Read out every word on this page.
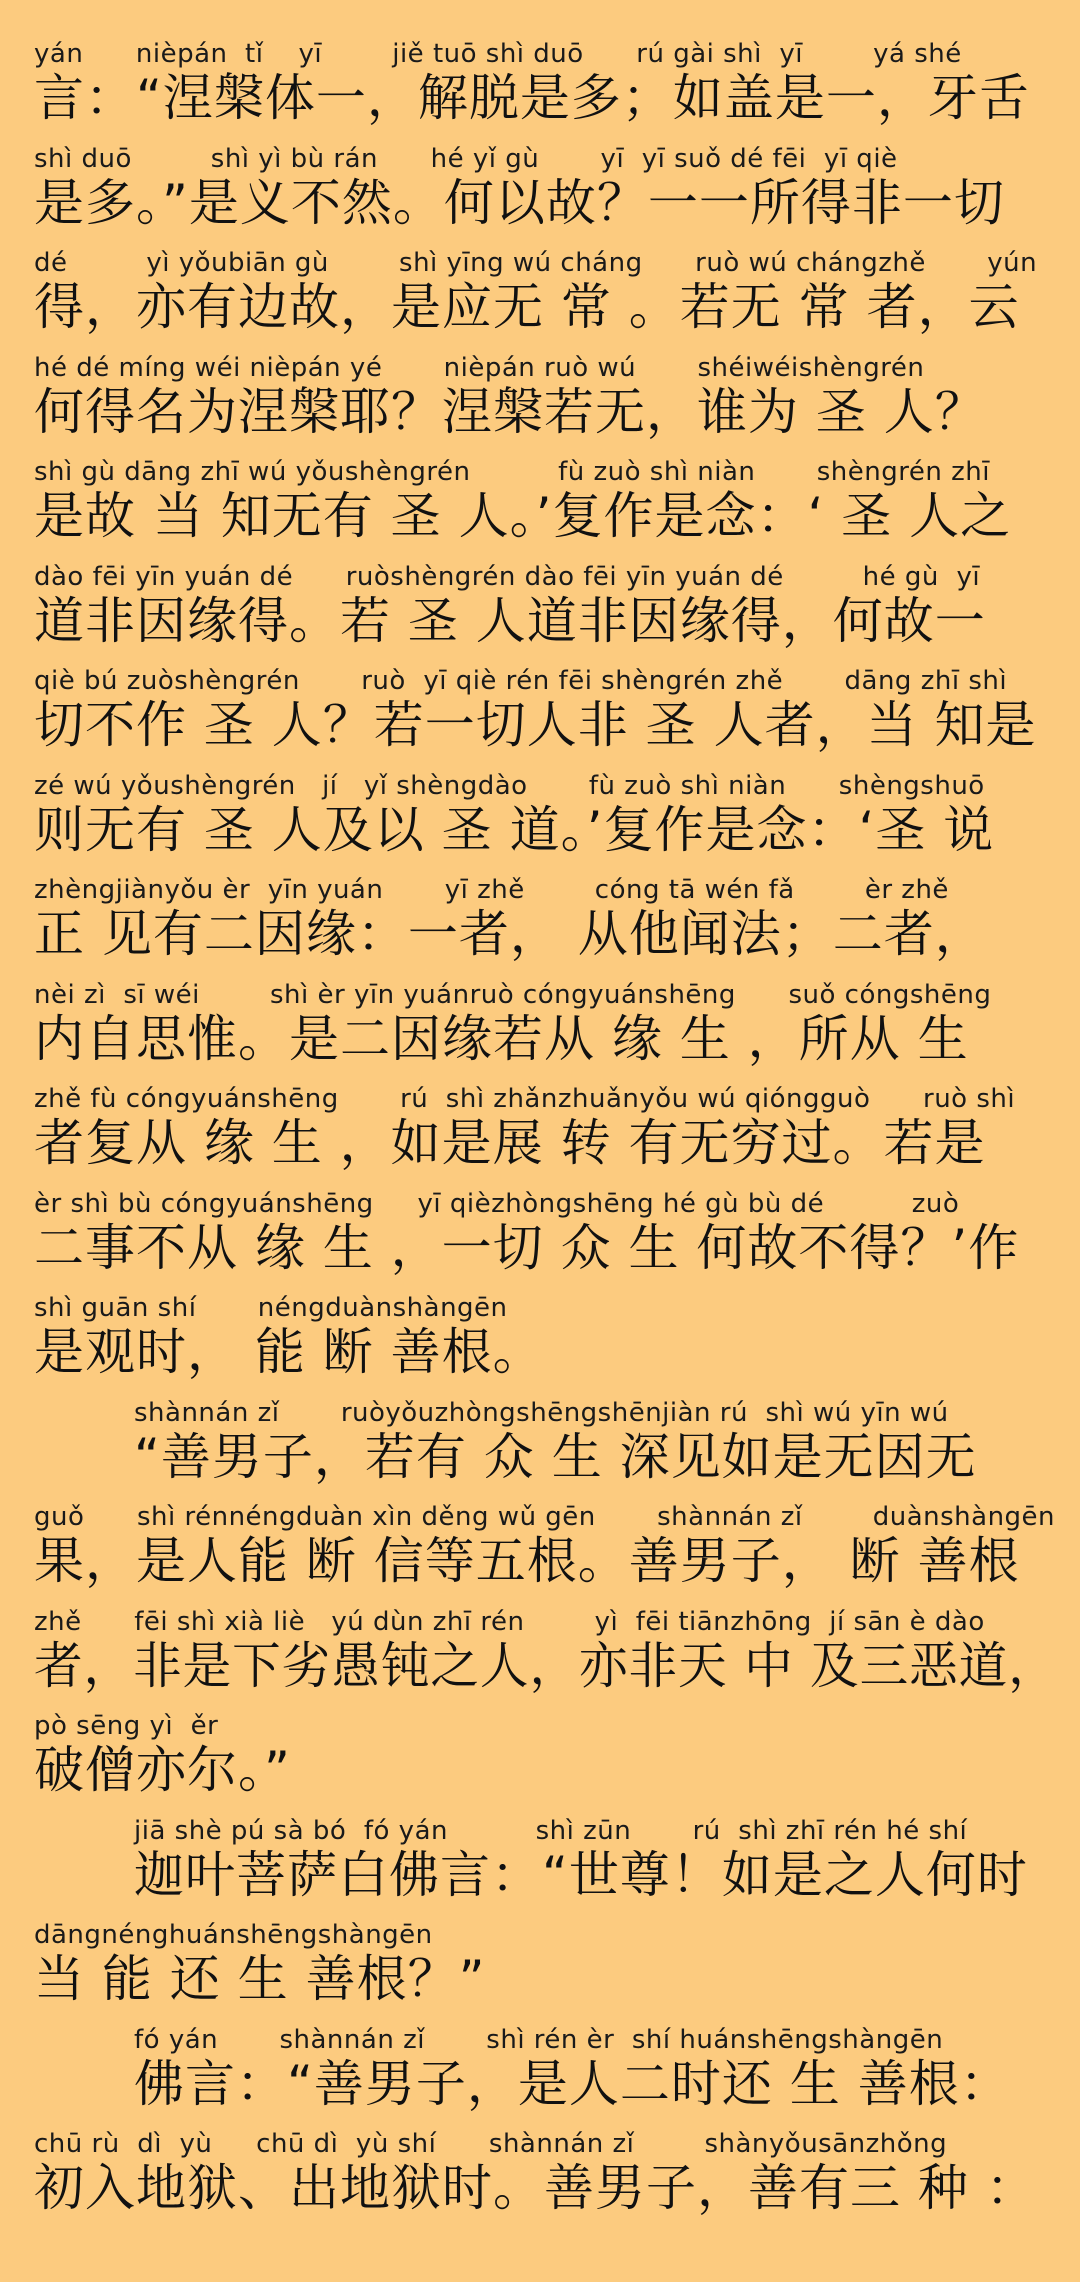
yán      nièpán  tǐ    yī        jiě tuō shì duō      rú gài shì  yī        yá shé
言：“涅槃体一，解脱是多；如盖是一，牙舌
shì duō         shì yì bù rán      hé yǐ gù       yī  yī suǒ dé fēi  yī qiè
是多。”是义不然。何以故？一一所得非一切
dé         yì yǒubiān gù        shì yīng wú cháng      ruò wú chángzhě       yún
得，亦有边故，是应无 常 。若无 常 者，云
hé dé míng wéi nièpán yé       nièpán ruò wú       shéiwéishèngrén
何得名为涅槃耶？涅槃若无，谁为 圣 人？
shì gù dāng zhī wú yǒushèngrén          fù zuò shì niàn       shèngrén zhī
是故 当 知无有 圣 人。’复作是念：‘ 圣 人之
dào fēi yīn yuán dé      ruòshèngrén dào fēi yīn yuán dé         hé gù  yī
道非因缘得。若 圣 人道非因缘得，何故一
qiè bú zuòshèngrén       ruò  yī qiè rén fēi shèngrén zhě       dāng zhī shì
切不作 圣 人？若一切人非 圣 人者，当 知是
zé wú yǒushèngrén   jí   yǐ shèngdào       fù zuò shì niàn      shèngshuō
则无有 圣 人及以 圣 道。’复作是念：‘圣 说
zhèngjiànyǒu èr  yīn yuán       yī zhě        cóng tā wén fǎ        èr zhě
正 见有二因缘：一者， 从他闻法；二者，
nèi zì  sī wéi        shì èr yīn yuánruò cóngyuánshēng      suǒ cóngshēng
内自思惟。是二因缘若从 缘 生 ，所从 生
zhě fù cóngyuánshēng       rú  shì zhǎnzhuǎnyǒu wú qióngguò      ruò shì
者复从 缘 生 ，如是展 转 有无穷过。若是
èr shì bù cóngyuánshēng     yī qièzhòngshēng hé gù bù dé          zuò
二事不从 缘 生 ，一切 众 生 何故不得？’作
shì guān shí       néngduànshàngēn
是观时， 能 断 善根。
shànnán zǐ       ruòyǒuzhòngshēngshēnjiàn rú  shì wú yīn wú
“善男子，若有 众 生 深见如是无因无
guǒ      shì rénnéngduàn xìn děng wǔ gēn       shànnán zǐ        duànshàngēn
果，是人能 断 信等五根。善男子， 断 善根
zhě      fēi shì xià liè   yú dùn zhī rén        yì  fēi tiānzhōng  jí sān è dào
者，非是下劣愚钝之人，亦非天 中 及三恶道，
pò sēng yì  ěr
破僧亦尔。”
jiā shè pú sà bó  fó yán          shì zūn       rú  shì zhī rén hé shí
迦叶菩萨白佛言：“世尊！如是之人何时
dāngnénghuánshēngshàngēn
当 能 还 生 善根？”
fó yán       shànnán zǐ       shì rén èr  shí huánshēngshàngēn
佛言：“善男子，是人二时还 生 善根：
chū rù  dì  yù     chū dì  yù shí      shànnán zǐ        shànyǒusānzhǒng
初入地狱、出地狱时。善男子，善有三 种 ：
